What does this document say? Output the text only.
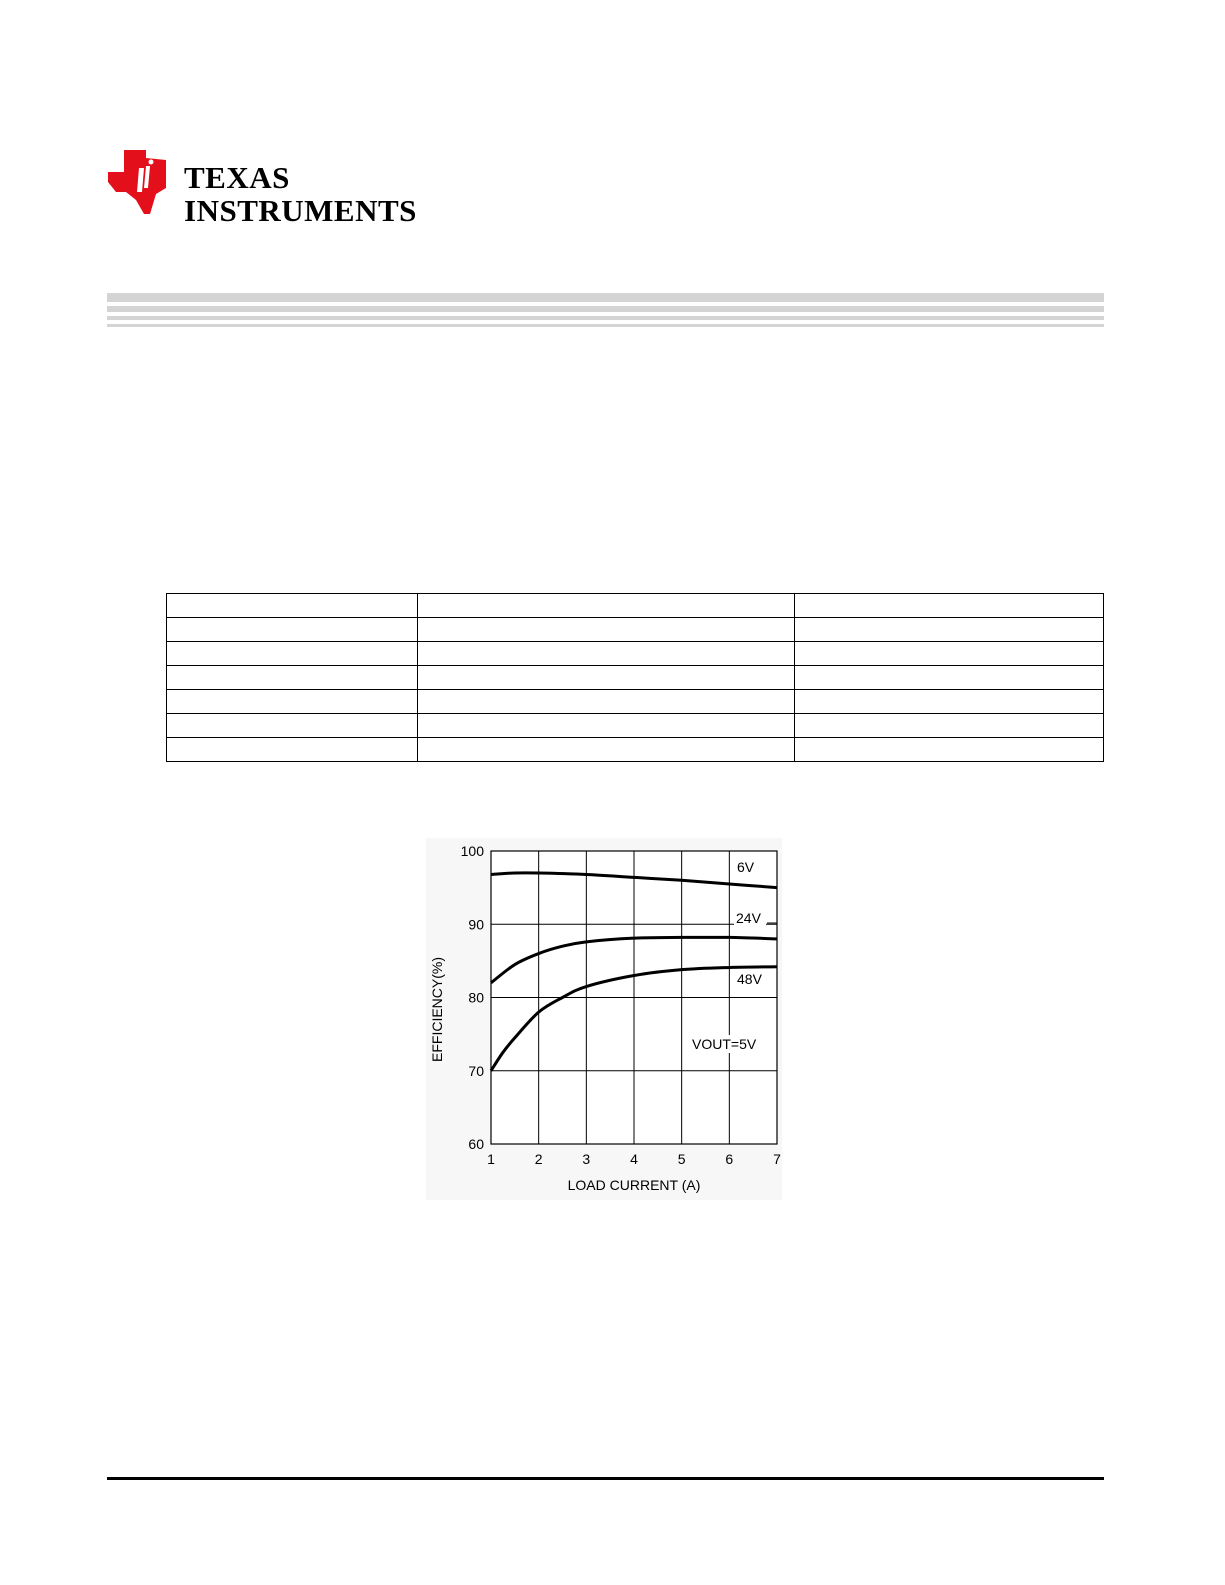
TEXAS
INSTRUMENTS

1	2	3	4	5	6	7
60
70
80
90
100
LOAD CURRENT (A)
EFFICIENCY(%)
6V
24V
48V
VOUT=5V
